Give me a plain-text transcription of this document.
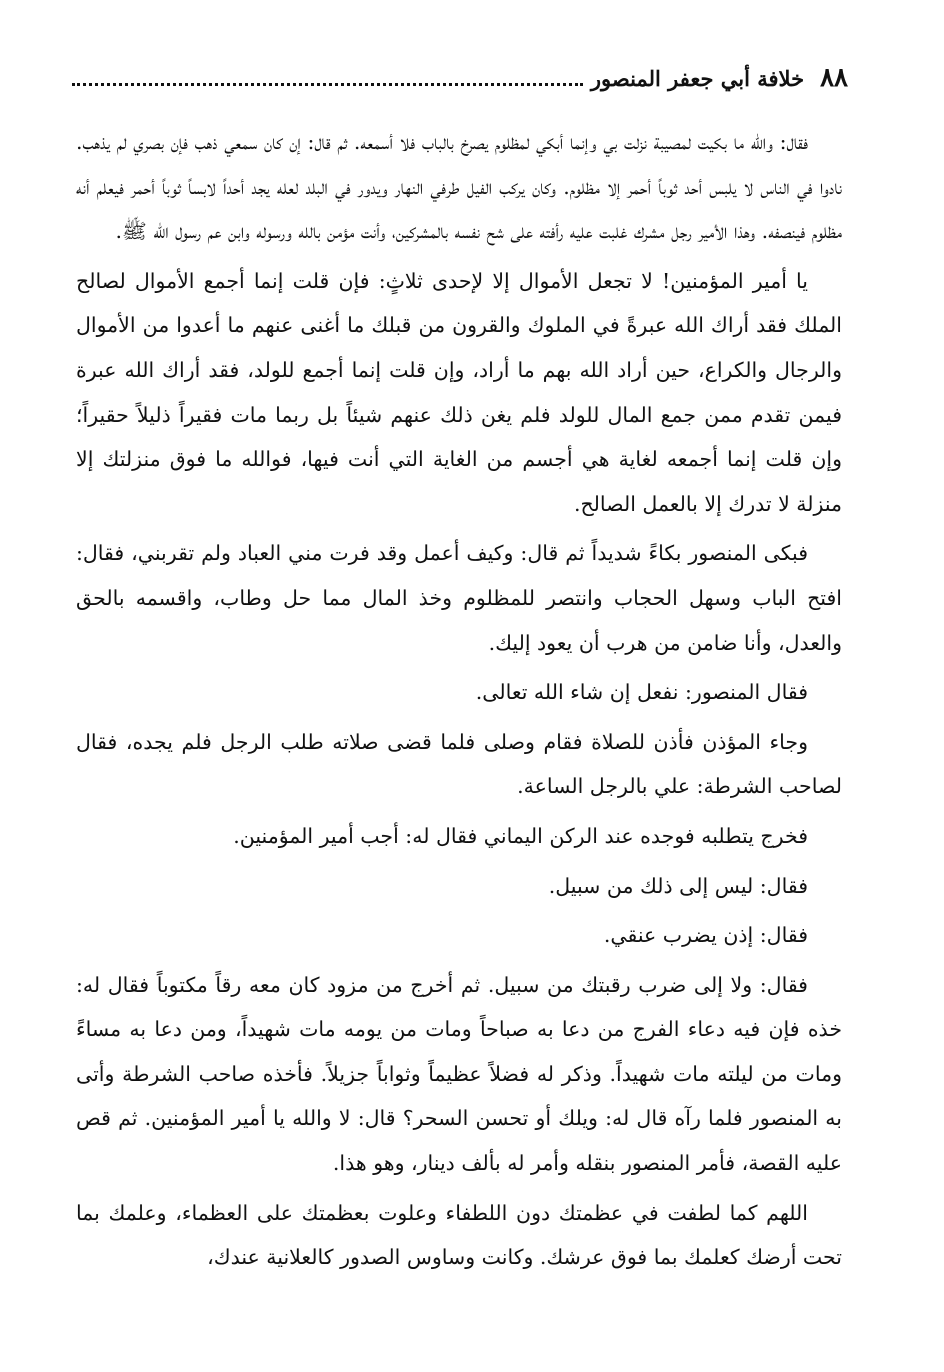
٨٨
خلافة أبي جعفر المنصور

فقال: والله ما بكيت لمصيبة نزلت بي وإنما أبكي لمظلوم يصرخ بالباب فلا أسمعه. ثم قال: إن كان سمعي ذهب فإن بصري لم يذهب. نادوا في الناس لا يلبس أحد ثوباً أحمر إلا مظلوم. وكان يركب الفيل طرفي النهار ويدور في البلد لعله يجد أحداً لابساً ثوباً أحمر فيعلم أنه مظلوم فينصفه. وهذا الأمير رجل مشرك غلبت عليه رأفته على شح نفسه بالمشركين، وأنت مؤمن بالله ورسوله وابن عم رسول الله ﷺ.

يا أمير المؤمنين! لا تجعل الأموال إلا لإحدى ثلاثٍ: فإن قلت إنما أجمع الأموال لصالح الملك فقد أراك الله عبرةً في الملوك والقرون من قبلك ما أغنى عنهم ما أعدوا من الأموال والرجال والكراع، حين أراد الله بهم ما أراد، وإن قلت إنما أجمع للولد، فقد أراك الله عبرة فيمن تقدم ممن جمع المال للولد فلم يغن ذلك عنهم شيئاً بل ربما مات فقيراً ذليلاً حقيراً؛ وإن قلت إنما أجمعه لغاية هي أجسم من الغاية التي أنت فيها، فوالله ما فوق منزلتك إلا منزلة لا تدرك إلا بالعمل الصالح.

فبكى المنصور بكاءً شديداً ثم قال: وكيف أعمل وقد فرت مني العباد ولم تقربني، فقال: افتح الباب وسهل الحجاب وانتصر للمظلوم وخذ المال مما حل وطاب، واقسمه بالحق والعدل، وأنا ضامن من هرب أن يعود إليك.

فقال المنصور: نفعل إن شاء الله تعالى.

وجاء المؤذن فأذن للصلاة فقام وصلى فلما قضى صلاته طلب الرجل فلم يجده، فقال لصاحب الشرطة: علي بالرجل الساعة.

فخرج يتطلبه فوجده عند الركن اليماني فقال له: أجب أمير المؤمنين.

فقال: ليس إلى ذلك من سبيل.

فقال: إذن يضرب عنقي.

فقال: ولا إلى ضرب رقبتك من سبيل. ثم أخرج من مزود كان معه رقاً مكتوباً فقال له: خذه فإن فيه دعاء الفرج من دعا به صباحاً ومات من يومه مات شهيداً، ومن دعا به مساءً ومات من ليلته مات شهيداً. وذكر له فضلاً عظيماً وثواباً جزيلاً. فأخذه صاحب الشرطة وأتى به المنصور فلما رآه قال له: ويلك أو تحسن السحر؟ قال: لا والله يا أمير المؤمنين. ثم قص عليه القصة، فأمر المنصور بنقله وأمر له بألف دينار، وهو هذا.

اللهم كما لطفت في عظمتك دون اللطفاء وعلوت بعظمتك على العظماء، وعلمك بما تحت أرضك كعلمك بما فوق عرشك. وكانت وساوس الصدور كالعلانية عندك،
